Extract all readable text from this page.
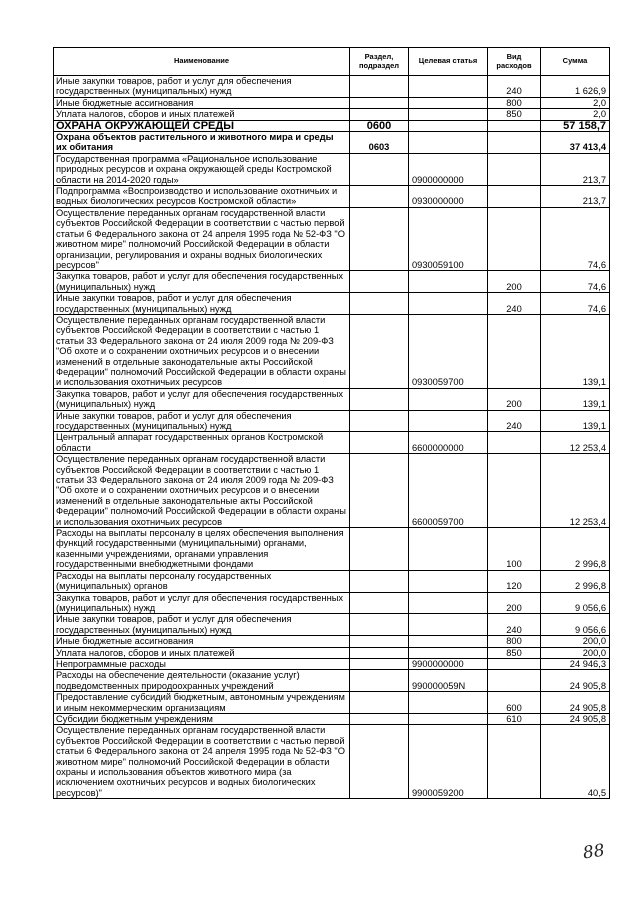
Наименование	Раздел, подраздел	Целевая статья	Вид расходов	Сумма
Иные закупки товаров, работ и услуг для обеспечения государственных (муниципальных) нужд			240	1 626,9
Иные бюджетные ассигнования			800	2,0
Уплата налогов, сборов и иных платежей			850	2,0
ОХРАНА ОКРУЖАЮЩЕЙ СРЕДЫ	0600			57 158,7
Охрана объектов растительного и животного мира и среды их обитания	0603			37 413,4
Государственная программа «Рациональное использование природных ресурсов и охрана окружающей среды Костромской области на 2014-2020 годы»		0900000000		213,7
Подпрограмма «Воспроизводство и использование охотничьих и водных биологических ресурсов Костромской области»		0930000000		213,7
Осуществление переданных органам государственной власти субъектов Российской Федерации в соответствии с частью первой статьи 6 Федерального закона от 24 апреля 1995 года № 52-ФЗ "О животном мире" полномочий Российской Федерации в области организации, регулирования и охраны водных биологических ресурсов"		0930059100		74,6
Закупка товаров, работ и услуг для обеспечения государственных (муниципальных) нужд			200	74,6
Иные закупки товаров, работ и услуг для обеспечения государственных (муниципальных) нужд			240	74,6
Осуществление переданных органам государственной власти субъектов Российской Федерации в соответствии с частью 1 статьи 33 Федерального закона от 24 июля 2009 года № 209-ФЗ "Об охоте и о сохранении охотничьих ресурсов и о внесении изменений в отдельные законодательные акты Российской Федерации" полномочий Российской Федерации в области охраны и использования охотничьих ресурсов		0930059700		139,1
Закупка товаров, работ и услуг для обеспечения государственных (муниципальных) нужд			200	139,1
Иные закупки товаров, работ и услуг для обеспечения государственных (муниципальных) нужд			240	139,1
Центральный аппарат государственных органов Костромской области		6600000000		12 253,4
Осуществление переданных органам государственной власти субъектов Российской Федерации в соответствии с частью 1 статьи 33 Федерального закона от 24 июля 2009 года № 209-ФЗ "Об охоте и о сохранении охотничьих ресурсов и о внесении изменений в отдельные законодательные акты Российской Федерации" полномочий Российской Федерации в области охраны и использования охотничьих ресурсов		6600059700		12 253,4
Расходы на выплаты персоналу в целях обеспечения выполнения функций государственными (муниципальными) органами, казенными учреждениями, органами управления государственными внебюджетными фондами			100	2 996,8
Расходы на выплаты персоналу государственных (муниципальных) органов			120	2 996,8
Закупка товаров, работ и услуг для обеспечения государственных (муниципальных) нужд			200	9 056,6
Иные закупки товаров, работ и услуг для обеспечения государственных (муниципальных) нужд			240	9 056,6
Иные бюджетные ассигнования			800	200,0
Уплата налогов, сборов и иных платежей			850	200,0
Непрограммные расходы		9900000000		24 946,3
Расходы на обеспечение деятельности (оказание услуг) подведомственных природоохранных учреждений		990000059N		24 905,8
Предоставление субсидий бюджетным, автономным учреждениям и иным некоммерческим организациям			600	24 905,8
Субсидии бюджетным учреждениям			610	24 905,8
Осуществление переданных органам государственной власти субъектов Российской Федерации в соответствии с частью первой статьи 6 Федерального закона от 24 апреля 1995 года № 52-ФЗ "О животном мире" полномочий Российской Федерации в области охраны и использования объектов животного мира (за исключением охотничьих ресурсов и водных биологических ресурсов)"		9900059200		40,5
88
